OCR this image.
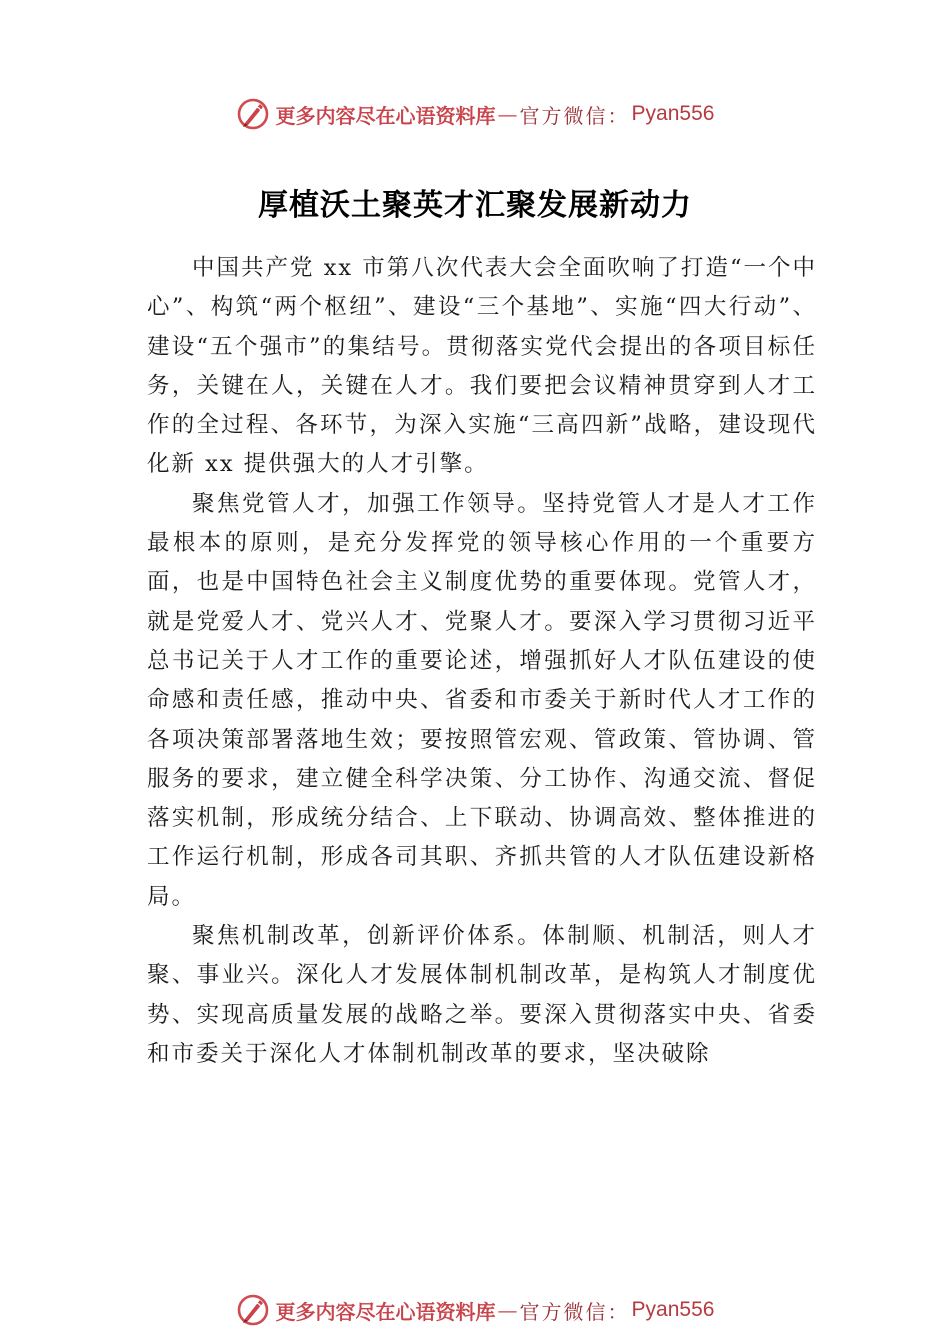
更多内容尽在心语资料库 — 官方微信： Pyan556
厚植沃土聚英才汇聚发展新动力

中国共产党 xx 市第八次代表大会全面吹响了打造“一个中心”、构筑“两个枢纽”、建设“三个基地”、实施“四大行动”、建设“五个强市”的集结号。贯彻落实党代会提出的各项目标任务，关键在人，关键在人才。我们要把会议精神贯穿到人才工作的全过程、各环节，为深入实施“三高四新”战略，建设现代化新 xx 提供强大的人才引擎。

聚焦党管人才，加强工作领导。坚持党管人才是人才工作最根本的原则，是充分发挥党的领导核心作用的一个重要方面，也是中国特色社会主义制度优势的重要体现。党管人才，就是党爱人才、党兴人才、党聚人才。要深入学习贯彻习近平总书记关于人才工作的重要论述，增强抓好人才队伍建设的使命感和责任感，推动中央、省委和市委关于新时代人才工作的各项决策部署落地生效；要按照管宏观、管政策、管协调、管服务的要求，建立健全科学决策、分工协作、沟通交流、督促落实机制，形成统分结合、上下联动、协调高效、整体推进的工作运行机制，形成各司其职、齐抓共管的人才队伍建设新格局。

聚焦机制改革，创新评价体系。体制顺、机制活，则人才聚、事业兴。深化人才发展体制机制改革，是构筑人才制度优势、实现高质量发展的战略之举。要深入贯彻落实中央、省委和市委关于深化人才体制机制改革的要求，坚决破除

更多内容尽在心语资料库 — 官方微信： Pyan556
